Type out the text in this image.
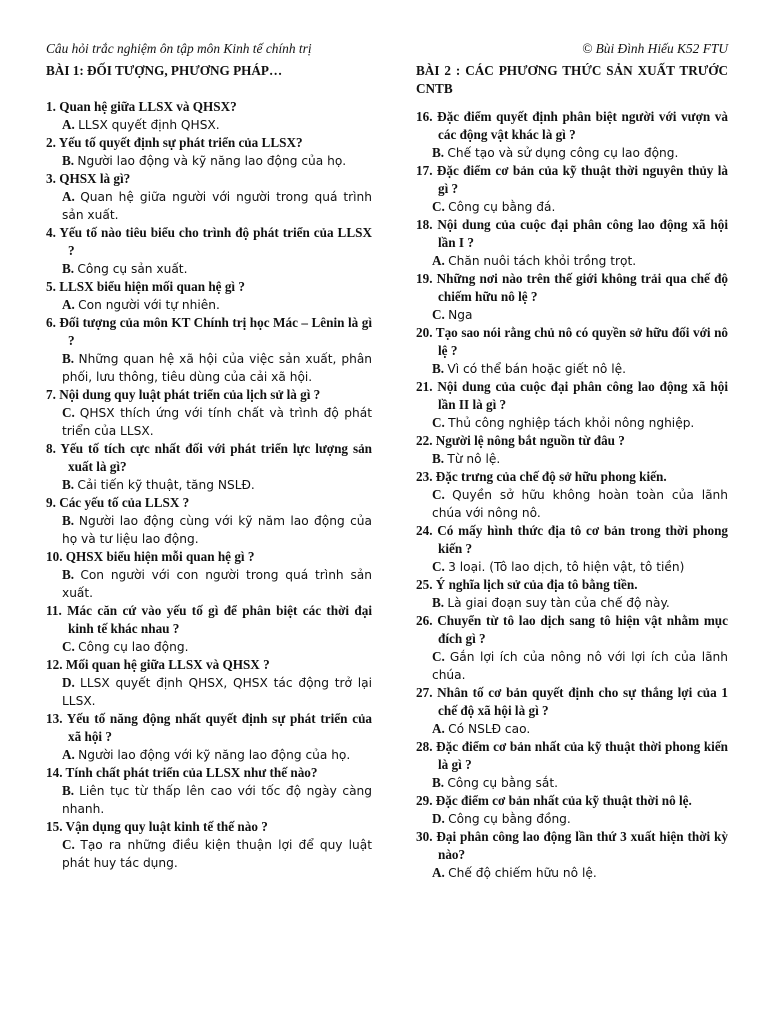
Câu hỏi trắc nghiệm ôn tập môn Kinh tế chính trị	© Bùi Đình Hiếu K52 FTU
BÀI 1: ĐỐI TƯỢNG, PHƯƠNG PHÁP…
1. Quan hệ giữa LLSX và QHSX?
A. LLSX quyết định QHSX.
2. Yếu tố quyết định sự phát triển của LLSX?
B. Người lao động và kỹ năng lao động của họ.
3. QHSX là gì?
A. Quan hệ giữa người với người trong quá trình sản xuất.
4. Yếu tố nào tiêu biểu cho trình độ phát triển của LLSX ?
B. Công cụ sản xuất.
5. LLSX biểu hiện mối quan hệ gì ?
A. Con người với tự nhiên.
6. Đối tượng của môn KT Chính trị học Mác – Lênin là gì ?
B. Những quan hệ xã hội của việc sản xuất, phân phối, lưu thông, tiêu dùng của cải xã hội.
7. Nội dung quy luật phát triển của lịch sử là gì ?
C. QHSX thích ứng với tính chất và trình độ phát triển của LLSX.
8. Yếu tố tích cực nhất đối với phát triển lực lượng sản xuất là gì?
B. Cải tiến kỹ thuật, tăng NSLĐ.
9. Các yếu tố của LLSX ?
B. Người lao động cùng với kỹ năm lao động của họ và tư liệu lao động.
10. QHSX biểu hiện mỗi quan hệ gì ?
B. Con người với con người trong quá trình sản xuất.
11. Mác căn cứ vào yếu tố gì để phân biệt các thời đại kinh tế khác nhau ?
C. Công cụ lao động.
12. Mối quan hệ giữa LLSX và QHSX ?
D. LLSX quyết định QHSX, QHSX tác động trở lại LLSX.
13. Yếu tố năng động nhất quyết định sự phát triển của xã hội ?
A. Người lao động với kỹ năng lao động của họ.
14. Tính chất phát triển của LLSX như thế nào?
B. Liên tục từ thấp lên cao với tốc độ ngày càng nhanh.
15. Vận dụng quy luật kinh tế thế nào ?
C. Tạo ra những điều kiện thuận lợi để quy luật phát huy tác dụng.
BÀI 2 : CÁC PHƯƠNG THỨC SẢN XUẤT TRƯỚC CNTB
16. Đặc điểm quyết định phân biệt người với vượn và các động vật khác là gì ?
B. Chế tạo và sử dụng công cụ lao động.
17. Đặc điểm cơ bản của kỹ thuật thời nguyên thủy là gì ?
C. Công cụ bằng đá.
18. Nội dung của cuộc đại phân công lao động xã hội lần I ?
A. Chăn nuôi tách khỏi trồng trọt.
19. Những nơi nào trên thế giới không trải qua chế độ chiếm hữu nô lệ ?
C. Nga
20. Tạo sao nói rằng chủ nô có quyền sở hữu đối với nô lệ ?
B. Vì có thể bán hoặc giết nô lệ.
21. Nội dung của cuộc đại phân công lao động xã hội lần II là gì ?
C. Thủ công nghiệp tách khỏi nông nghiệp.
22. Người lệ nông bắt nguồn từ đâu ?
B. Từ nô lệ.
23. Đặc trưng của chế độ sở hữu phong kiến.
C. Quyền sở hữu không hoàn toàn của lãnh chúa với nông nô.
24. Có mấy hình thức địa tô cơ bản trong thời phong kiến ?
C. 3 loại. (Tô lao dịch, tô hiện vật, tô tiền)
25. Ý nghĩa lịch sử của địa tô bằng tiền.
B. Là giai đoạn suy tàn của chế độ này.
26. Chuyển từ tô lao dịch sang tô hiện vật nhằm mục đích gì ?
C. Gắn lợi ích của nông nô với lợi ích của lãnh chúa.
27. Nhân tố cơ bản quyết định cho sự thắng lợi của 1 chế độ xã hội là gì ?
A. Có NSLĐ cao.
28. Đặc điểm cơ bản nhất của kỹ thuật thời phong kiến là gì ?
B. Công cụ bằng sắt.
29. Đặc điểm cơ bản nhất của kỹ thuật thời nô lệ.
D. Công cụ bằng đồng.
30. Đại phân công lao động lần thứ 3 xuất hiện thời kỳ nào?
A. Chế độ chiếm hữu nô lệ.
